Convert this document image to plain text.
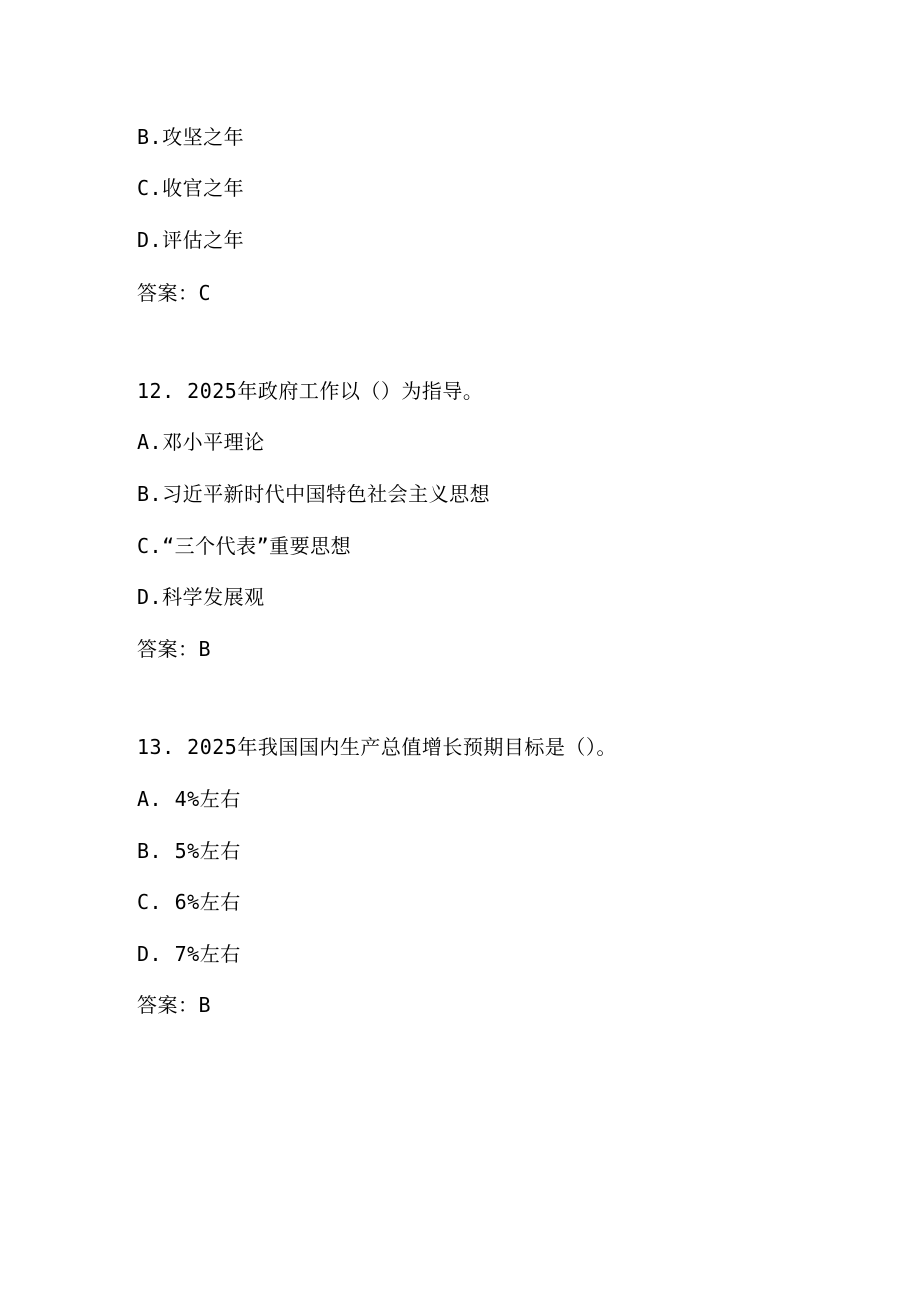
B.攻坚之年
C.收官之年
D.评估之年
答案：C
12. 2025年政府工作以（）为指导。
A.邓小平理论
B.习近平新时代中国特色社会主义思想
C.“三个代表”重要思想
D.科学发展观
答案：B
13. 2025年我国国内生产总值增长预期目标是（）。
A. 4%左右
B. 5%左右
C. 6%左右
D. 7%左右
答案：B
